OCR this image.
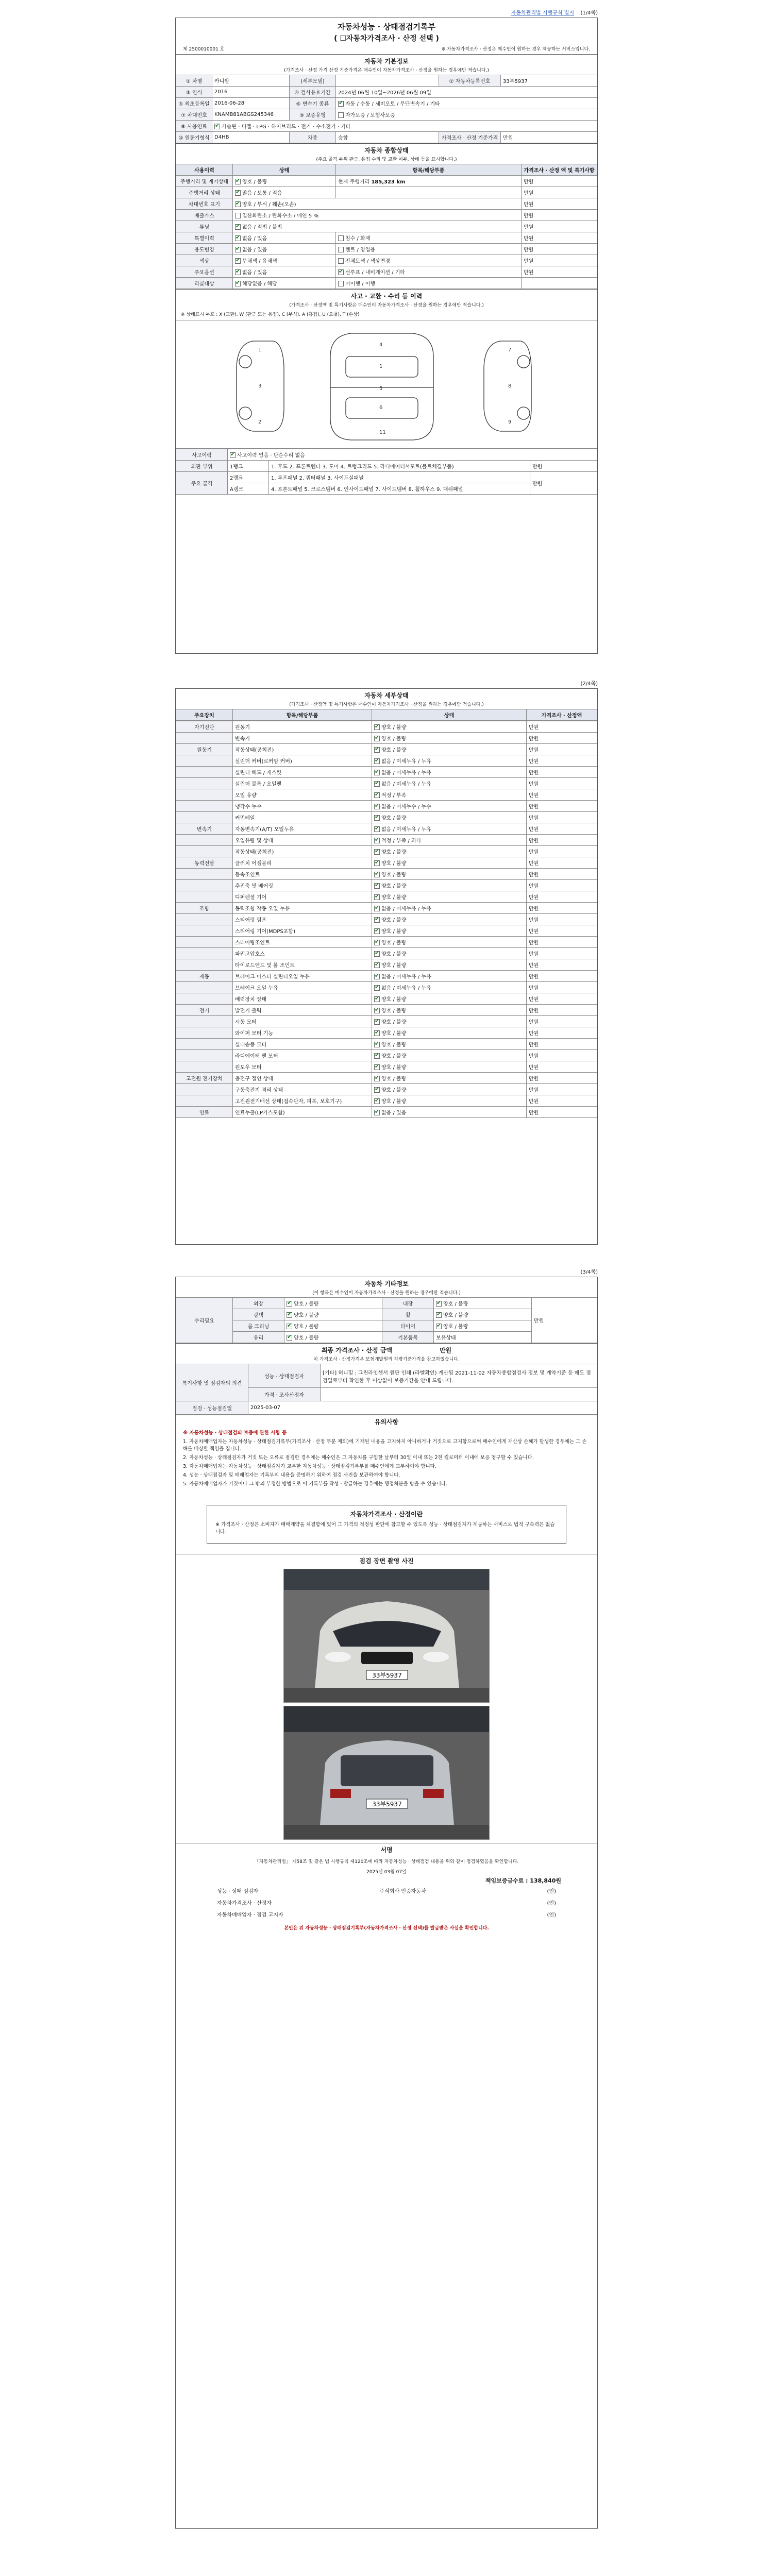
자동차관리법 시행규칙 별지 (1/4쪽)
자동차성능 · 상태점검기록부
( ☐자동차가격조사 · 산정 선택 )
제 2500010001 호	※ 자동차가격조사 · 산정은 매수인이 원하는 경우 제공하는 서비스입니다.
자동차 기본정보
(가격조사 · 산정 가격 산정 기준가격은 매수인이 자동차가격조사 · 산정을 원하는 경우에만 적습니다.)
① 차명	카니발	(세부모델)		② 자동차등록번호	33부5937
③ 연식	2016	④ 검사유효기간	2024년 06월 10일~2026년 06월 09일		
⑤ 최초등록일	2016-06-28	⑥ 변속기 종류	✔자동 / 수동 / 세미오토 / 무단변속기 / 기타
⑦ 차대번호	KNAMB81ABGS245346	⑨ 보증유형	자가보증 / 보험사보증		
⑧ 사용연료	✔가솔린 · 디젤 · LPG · 하이브리드 · 전기 · 수소전기 · 기타
⑩ 원동기형식	D4HB	차종	승합	가격조사 · 산정 기준가격	만원
자동차 종합상태
(주요 골격 부위 판금, 용접 수리 및 교환 여부, 상태 등을 표시합니다.)
사용이력	상태	항목/해당부품	가격조사 · 산정 액 및 특기사항
주행거리 및 계기상태	✔양호 / 불량	현재 주행거리 185,323 km	만원
주행거리 상태	✔많음 / 보통 / 적음		만원
차대번호 표기	✔양호 / 부식 / 훼손(오손)		만원
배출가스	일산화탄소 / 탄화수소 / 매연 5 %		만원
튜닝	✔없음 / 적법 / 불법		만원
특별이력	✔없음 / 있음	침수 / 화재	만원
용도변경	✔없음 / 있음	렌트 / 영업용	만원
색상	✔무채색 / 유채색	전체도색 / 색상변경	만원
주요옵션	✔없음 / 있음	✔선루프 / 내비게이션 / 기타	만원
리콜대상	✔해당없음 / 해당	미이행 / 이행	
사고 · 교환 · 수리 등 이력
(가격조사 · 산정액 및 특기사항은 매수인이 자동차가격조사 · 산정을 원하는 경우에만 적습니다.)
※ 상태표시 부호 : X (교환), W (판금 또는 용접), C (부식), A (흠집), U (요철), T (손상)
1
3
2
4
1
5
6
11
7
8
9
사고이력	✔사고이력 없음 · 단순수리 없음
외판 부위	1랭크	1. 후드 2. 프론트펜더 3. 도어 4. 트렁크리드 5. 라디에이터서포트(볼트체결부품)	만원
주요 골격	2랭크	1. 루프패널 2. 쿼터패널 3. 사이드실패널	만원
	A랭크	4. 프론트패널 5. 크로스멤버 6. 인사이드패널 7. 사이드멤버 8. 휠하우스 9. 대쉬패널	
(2/4쪽)
자동차 세부상태
(가격조사 · 산정액 및 특기사항은 매수인이 자동차가격조사 · 산정을 원하는 경우에만 적습니다.)
주요장치	항목/해당부품	상태	가격조사 · 산정액
자기진단	원동기	✔양호 / 불량	만원
	변속기	✔양호 / 불량	만원
원동기	작동상태(공회전)	✔양호 / 불량	만원
	실린더 커버(로커암 커버)	✔없음 / 미세누유 / 누유	만원
	실린더 헤드 / 개스킷	✔없음 / 미세누유 / 누유	만원
	실린더 블록 / 오일팬	✔없음 / 미세누유 / 누유	만원
	오일 유량	✔적정 / 부족	만원
	냉각수 누수	✔없음 / 미세누수 / 누수	만원
	커먼레일	✔양호 / 불량	만원
변속기	자동변속기(A/T) 오일누유	✔없음 / 미세누유 / 누유	만원
	오일유량 및 상태	✔적정 / 부족 / 과다	만원
	작동상태(공회전)	✔양호 / 불량	만원
동력전달	클러치 어셈블리	✔양호 / 불량	만원
	등속조인트	✔양호 / 불량	만원
	추진축 및 베어링	✔양호 / 불량	만원
	디퍼렌셜 기어	✔양호 / 불량	만원
조향	동력조향 작동 오일 누유	✔없음 / 미세누유 / 누유	만원
	스티어링 펌프	✔양호 / 불량	만원
	스티어링 기어(MDPS포함)	✔양호 / 불량	만원
	스티어링조인트	✔양호 / 불량	만원
	파워고압호스	✔양호 / 불량	만원
	타이로드엔드 및 볼 조인트	✔양호 / 불량	만원
제동	브레이크 마스터 실린더오일 누유	✔없음 / 미세누유 / 누유	만원
	브레이크 오일 누유	✔없음 / 미세누유 / 누유	만원
	배력장치 상태	✔양호 / 불량	만원
전기	발전기 출력	✔양호 / 불량	만원
	시동 모터	✔양호 / 불량	만원
	와이퍼 모터 기능	✔양호 / 불량	만원
	실내송풍 모터	✔양호 / 불량	만원
	라디에이터 팬 모터	✔양호 / 불량	만원
	윈도우 모터	✔양호 / 불량	만원
고전원 전기장치	충전구 절연 상태	✔양호 / 불량	만원
	구동축전지 격리 상태	✔양호 / 불량	만원
	고전원전기배선 상태(접속단자, 피복, 보호기구)	✔양호 / 불량	만원
연료	연료누출(LP가스포함)	✔없음 / 있음	만원
(3/4쪽)
자동차 기타정보
(이 항목은 매수인이 자동차가격조사 · 산정을 원하는 경우에만 적습니다.)
수리필요	외장	✔양호 / 불량	내장	✔양호 / 불량	만원
	광택	✔양호 / 불량	휠	✔양호 / 불량
	룸 크리닝	✔양호 / 불량	타이어	✔양호 / 불량
	유리	✔양호 / 불량	기본품목	보유상태	
최종 가격조사 · 산정 금액	만원
이 가격조사 · 산정가격은 보험개발원의 차량기준가격을 참고하였습니다.
특기사항 및 점검자의 의견	성능 · 상태점검자	[기타] 허니밀 : 그린라잇센서 원판 인쇄 (라벨확인) 계산됨 2021-11-02 자동차종합점검사 정보 및 계약기준 등 매도 점검일로부터 확인한 후 이상없이 보증기간을 안내 드립니다.
	가격 · 조사산정자	
점검 · 성능점검일	2025-03-07	
유의사항

※ 자동차성능 · 상태점검의 보증에 관한 사항 등

1. 자동차매매업자는 자동차성능 · 상태점검기록부(가격조사 · 산정 부분 제외)에 기재된 내용을 고지하지 아니하거나 거짓으로 고지함으로써 매수인에게 재산상 손해가 발생한 경우에는 그 손해를 배상할 책임을 집니다.

2. 자동차성능 · 상태점검자가 거짓 또는 오류로 점검한 경우에는 매수인은 그 자동차를 구입한 날부터 30일 이내 또는 2천 킬로미터 이내에 보증 청구할 수 있습니다.

3. 자동차매매업자는 자동차성능 · 상태점검자가 교부한 자동차성능 · 상태점검기록부를 매수인에게 교부하여야 합니다.

4. 성능 · 상태점검자 및 매매업자는 기록부의 내용을 증명하기 위하여 점검 사진을 보관하여야 합니다.

5. 자동차매매업자가 거짓이나 그 밖의 부정한 방법으로 이 기록부를 작성 · 발급하는 경우에는 행정처분을 받을 수 있습니다.

자동차가격조사 · 산정이란
※ 가격조사 · 산정은 소비자가 매매계약을 체결함에 있어 그 가격의 적정성 판단에 참고할 수 있도록 성능 · 상태점검자가 제공하는 서비스로 법적 구속력은 없습니다.
점검 장면 촬영 사진
33부5937
33부5937
서명
「자동차관리법」 제58조 및 같은 법 시행규칙 제120조에 따라 자동차성능 · 상태점검 내용을 위와 같이 점검하였음을 확인합니다.
2025년 03월 07일
책임보증금수료 : 138,840원
성능 · 상태 점검자	주식회사 인증자동차	(인)
자동차가격조사 · 산정자	(인)
자동차매매업자 · 점검 고지자	(인)
본인은 위 자동차성능 · 상태점검기록부(자동차가격조사 · 산정 선택)를 발급받은 사실을 확인합니다.
